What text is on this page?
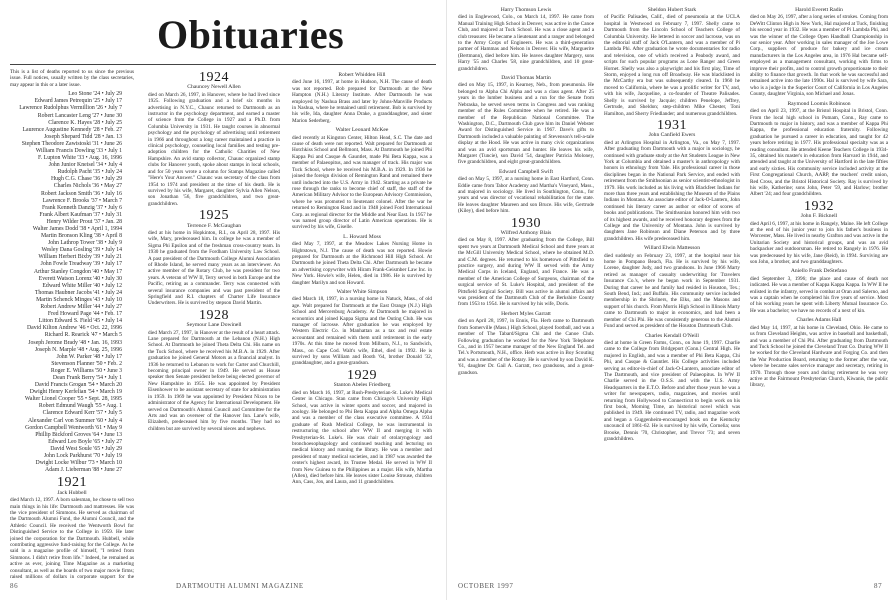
Obituaries
This is a list of deaths reported to us since the previous issue. Full notices, usually written by the class secretaries, may appear in this or a later issue.
Leo Stone '24 • July 29
Edward James Petrequin '25 • July 17
Lawrence Rudolphus Vermillion '26 • July 7
Robert Lancaster Leng '27 • June 30
Clarence K. Hayes '28 • July 25
Laurence Augustine Kennedy '28 • Feb. 27
Joseph Shepard Tidd '28 • Jan. 13
Stephen Theodore Zawistoski '31 • June 26
William Francis Dowling '33 • July 1
F. Lupton White '33 • Aug. 16, 1996
John Junior Kneisel '34 • July 4
Rudolph Pacht '35 • July 24
Hugh C.G. Chase '36 • July 29
Charles Nichols '36 • May 27
Robert Jackson Smith '36 • July 16
Lawrence F. Brooks '37 • March 7
Frank Kenneth Danzig '37 • July 6
Frank Albert Kaufman '37 • July 31
Henry Wilder Prout '37 • Jan. 28
Walter James Dodd '38 • April 1, 1994
Martin Bronson Kling '38 • April 8
John Lathrop Tower '38 • July 9
Wesley Dana Gosling '39 • July 14
William Herbert Bixby '39 • July 21
John Fowle Treadway '39 • July 17
Arthur Stanley Congdon '40 • May 17
Everett Watson Lorenz '40 • July 30
Edward White Miller '40 • July 12
Thomas Haubner Jacobs '41 • July 24
Martin Schenck Minges '43 • July 10
Robert Andrew Miller '44 • July 27
Fred Howard Page '44 • Feb. 17
Litton Edward S. Field '45 • July 14
David Kilton Andrew '46 • Oct. 22, 1996
Richard R. Rearick '47 • March 5
Joseph Jerome Brady '48 • Jan. 16, 1993
Joseph N. Marple '48 • Aug. 25, 1996
John W. Parker '48 • July 17
Stevenson Flanner '50 • Feb. 2
Roger E. Williams '50 • June 3
Dean Frank Berry '54 • July 1
David Francis Grogan '54 • March 20
Dwight Henry Kerfelian '54 • March 19
Walter Lionel Cooper '55 • Sept. 28, 1995
Robert Edmund Waugh '55 • Aug. 1
Clarence Edward Kerr '57 • July 5
Alexander Carl von Summer '60 • July 4
Gordon Campbell Wentworth '61 • May 9
Phillip Bickford Groves '64 • June 13
Edward Leo Boyle '65 • July 27
David West Soule '65 • July 29
John Lock Parkhurst '70 • July 19
Dwight Locke Wilbur '73 • March 10
Adam J. Lieberman '88 • June 27
1921
Jack Hubbell

died March 12, 1997. A born salesman, he chose to sell two main things in his life: Dartmouth and mattresses. He was the vice president of Simmons. He served as chairman of the Dartmouth Alumni Fund, the Alumni Council, and the Athletic Council. He received the Wentworth Bowl for Distinguished Service to the College in 1959. He later joined the corporation for the Dartmouth. Hubbell, while contributing aggressive fund-raising for the College. As he said in a magazine profile of himself, "I retired from Simmons. I didn't retire from life." Indeed, he remained as active as ever, joining Time Magazine as a marketing consultant, as well as the boards of two major movie firms; raised millions of dollars in corporate support for the

1924
Chauncey Newell Allen

died on March 26, 1997, in Hanover, where he had lived since 1925. Following graduation and a brief six months in advertising in N.Y.C., Chaunc returned to Dartmouth as an instructor in the psychology department, and earned a master of science from the College in 1927 and a Ph.D. from Columbia University in 1931. He taught courses in abnormal psychology and the psychology of advertising until retirement in 1966 and throughout a long career maintained a practice in clinical psychology, counseling local families and testing pre-adoption children for the Catholic Charities of New Hampshire. An avid stamp collector, Chaunc organized stamp clubs for Hanover youth, spoke about stamps in local schools, and for 50 years wrote a column for Stamps Magazine called "Here's Your Answer." Chaunc was secretary of the class from 1954 to 1974 and president at the time of his death. He is survived by his wife, Margaret, daughter Sylvia Allen Nelson, son Jonathan '56, five grandchildren, and two great-grandchildren.

1925
Terrence F. McGaughan

died at his home in Hopkinton, R.I., on April 28, 1997. His wife, Mary, predeceased him. In college he was a member of Sigma Phi Epsilon and of the freshman cross-country team. In 1930 he graduated from the Fordham University Law School. A past president of the Dartmouth College Alumni Association of Rhode Island, he served many years as an interviewer. An active member of the Rotary Club, he was president for two years. A veteran of WW II, Terry served in both Europe and the Pacific, retiring as a commander. Terry was connected with several insurance companies and was past president of the Springfield and R.I. chapters of Charter Life Insurance Underwriters. He is survived by stepson David Martin.

1928
Seymour Lane Dowinell

died March 27, 1997, in Hanover at the result of a heart attack. Lane prepared for Dartmouth at the Lebanon (N.H.) High School. At Dartmouth he joined Theta Delta Chi. His name on the Tuck School, where he received his M.B.A. in 1929. After graduation he joined General Motors as a financial analyst. In 1936 he returned to Lebanon to work for Carter and Churchill, becoming principal owner in 1949. He served as House speaker then Senate president before being elected governor of New Hampshire in 1955. He was appointed by President Eisenhower to be assistant secretary of state for administration in 1959. In 1969 he was appointed by President Nixon to be administrator of the Agency for International Development. He served on Dartmouth's Alumni Council and Committee for the Arts and was an overseer of the Hanover Inn. Lane's wife, Elizabeth, predeceased him by five months. They had no children but are survived by several nieces and nephews.

Robert Whidden Hill

died June 16, 1997, at home in Hudson, N.H. The cause of death was not reported. Bob prepared for Dartmouth at the New Hampton (N.H.) Literary Institute. After Dartmouth he was employed by Nashua Brass and later by Johns-Manville Products in Nashua, where he remained until retirement. Bob is survived by his wife, Ida, daughter Anna Drake, a granddaughter, and sister Marion Sederberg.

Walter Leonard McKee

died recently at Kingston Center, Hilton Head, S.C. The date and cause of death were not reported. Walt prepared for Dartmouth at Hotchkiss School and Bellmont, Mass. At Dartmouth he joined Phi Kappa Psi and Casque & Gauntlet, made Phi Beta Kappa, was a member of Palaeopitus, and was manager of track. His major was Tuck School, where he received his M.B.A. in 1929. In 1936 he joined the foreign division of Remington Rand and remained there until inducted into the U.S. Army in 1942. Starting as a private he rose through the ranks to become chief of staff, the staff of the American Military Advisor to the European Advisory Commission, where he was promoted to lieutenant colonel. After the war he returned to Remington Rand and in 1948 joined Ford International Corp. as regional director for the Middle and Near East. In 1957 he was named group director of Latin American operations. He is survived by his wife, Giselle.

L. Howard Moss

died May 7, 1997, at the Meadow Lakes Nursing Home in Hightstown, N.J. The cause of death was not reported. Howie prepared for Dartmouth at the Richmond Hill High School. At Dartmouth he joined Theta Delta Chi. After Dartmouth he became an advertising copywriter with Hiram Frank-Geismber Law Inc. in New York. Howie's wife, Helen, died in 1986. He is survived by daughter Marilyn and son Howard.

Walter White Simpson

died March 18, 1997, in a nursing home in Natuck, Mass., of old age. Walt prepared for Dartmouth at the East Orange (N.J.) High School and Mercersburg Academy. At Dartmouth he majored in economics and joined Kappa Sigma and the Outing Club. He was manager of lacrosse. After graduation he was employed by Western Electric Co. in Manhattan as a tax and real estate accountant and remained with them until retirement in the early 1970s. At this time he moved from Milburn, N.J., to Sandwich, Mass., on Cape Cod. Walt's wife, Ethel, died in 1992. He is survived by sons William and Booth '64, brother Donald '32, granddaughter, and a great-grandson.

1929
Stanton Abeles Friedberg

died on March 16, 1997, at Rush-Presbyterian-St. Luke's Medical Center in Chicago. Stan came from Chicago's University High School, was active in winter sports and soccer, and majored in zoology. He belonged to Phi Beta Kappa and Alpha Omega Alpha and was a member of the class executive committee. A 1934 graduate of Rush Medical College, he was instrumental in restructuring the school after WW II and merging it with Presbyterian-St. Luke's. He was chair of otolaryngology and bronchoesophagology and continued teaching and lecturing on medical history and running the library. He was a member and president of many medical societies, and in 1987 was awarded the center's highest award, its Trustee Medal. He served in WW II from New Guinea to the Philippines as a major. His wife, Martha (Allen), died before him. He leaves sister Louise Strouse, children Ann, Cass, Jon, and Laura, and 11 grandchildren.

86	DARTMOUTH ALUMNI MAGAZINE
Harry Thomson Lewis

died in Englewood, Colo., on March 14, 1997. He came from Manual Training High School in Denver, was active in the Canoe Club, and majored at Tuck School. He was a close agent and a club treasurer. He became a lieutenant and a ranger and belonged to the Army Corps of Engineers. He was a third-generation partner of Hammas and Nelson in Denver. His wife, Marguerite (Bertmann), died before him. He leaves daughter Margery, sons Harry '55 and Charles '58, nine grandchildren, and 10 great-grandchildren.

David Thomas Martin

died on May 15, 1997, in Kearney, Neb., from pneumonia. He belonged to Alpha Chi Alpha and was a class agent. After 25 years in the lumber business and a run for the Senate from Nebraska, he served seven terms in Congress and was ranking member of the Rules Committee when he retired. He was a member of the Republican National Committee. The Washington, D.C., Dartmouth Club gave him its Daniel Webster Award for Distinguished Service in 1967. Dave's gifts to Dartmouth included a valuable painting of Stevenson's tell-a-tale display at the Hood. He was active in many civic organizations and was an avid sportsman and hunter. He leaves his wife, Margaret (Tuncie), son David '54, daughter Patricia Moloney, five grandchildren, and eight great-grandchildren.

Edward Campbell Swift

died on May 5, 1997, at a nursing home in East Hartford, Conn. Eddie came from Tabor Academy and Martha's Vineyard, Mass., and majored in sociology. He lived in Southington, Conn., for years and was director of vocational rehabilitation for the state. He leaves daughter Maureen and son Bruce. His wife, Gertrude (Kiley), died before him.

1930
Wilfred Anthony Blais

died on May 8, 1997. After graduating from the College, Bill spent two years at Dartmouth Medical School and three years at the McGill University Medical School, where he obtained M.D. and C.M. degrees. He returned to his hometown of Pittsfield to practice surgery, and during WW II served with the Army Medical Corps in Iceland, England, and France. He was a member of the American College of Surgeons, chairman of the surgical service of St. Luke's Hospital, and president of the Pittsfield Surgical Society. Bill was active in alumni affairs and was president of the Dartmouth Club of the Berkshire County from 1953 to 1954. He is survived by his wife, Doris.

Herbert Myles Garratt

died on April 28, 1997, in Ennis, Fla. Herb came to Dartmouth from Somerville (Mass.) High School, played football, and was a member of The Tabard/Sigma Chi and the Canoe Club. Following graduation he worked for the New York Telephone Co., and in 1957 became manager of the New England Tel. and Tel.'s Portsmouth, N.H., office. Herb was active in Boy Scouting and was a member of the Rotary. He is survived by son David K. '61, daughter Dr. Gail A. Garratt, two grandsons, and a great-grandson.

Sheldon Hubert Stark

of Pacific Palisades, Calif., died of pneumonia at the UCLA hospital in Westwood on February 7, 1997. Shelly came to Dartmouth from the Lincoln School of Teachers College of Columbia University. He lettered in soccer and lacrosse, was on the editorial staff of Jack O'Lantern, and was a member of Pi Lambda Phi. After graduation he wrote documentaries for radio and television, one of which received a Peabody award, and scripts for such popular programs as Lone Ranger and Green Hornet. Shelly was also a playwright and his first play, Time of Storm, enjoyed a long run off Broadway. He was blacklisted in the McCarthy era but was subsequently cleared. In 1960 he moved to California, where he was a prolific writer for TV, and, with his wife, Jacqueline, a co-founder of Theatre Palisades. Shelly is survived by Jacquie; children Penelope, Jeffrey, Gertrude, and Sheldon; step-children Mike Chester, Toni Hamilton, and Sherry Friedlander; and numerous grandchildren.

1931
John Canfield Ewers

died at Arlington Hospital in Arlington, Va., on May 7, 1997. After graduating from Dartmouth with a major in sociology, he continued with graduate study at the Art Students League in New York at Columbia and obtained a master's in anthropology with honors in ethnology from Yale. His professional career in those disciplines began in the National Park Service, and ended with retirement from the Smithsonian as senior scientist-ethnologist in 1979. His work included as his living with Blackfeet Indians for more than three years and establishing the Museum of the Plains Indians in Montana. An associate editor of Jack-O-Lantern, John continued his literary career as author or editor of scores of books and publications. The Smithsonian honored him with two of its highest awards, and he received honorary degrees from the College and the University of Montana. John is survived by daughters Jane Robinson and Diane Peterson and by three grandchildren. His wife predeceased him.

Willard Elwin Mattesson

died suddenly on February 23, 1997, at the hospital near his home in Pompano Beach, Fla. He is survived by his wife, Lorene, daughter Judy, and two grandsons. In June 1966 Marty retired as manager of casualty underwriting for Travelers Insurance Co.'s, where he began work in September 1931. During that career he and family had resided in Houston, Tex.; South Bend, Ind.; and Buffalo. His community service included membership in the Shriners, the Elks, and the Masons and support of his church. From Morris High School in Illinois Marty came to Dartmouth to major in economics, and had been a member of Chi Phi. He was consistently generous to the Alumni Fund and served as president of the Houston Dartmouth Club.

Charles Kendall O'Neill

died at home in Green Farms, Conn., on June 19, 1997. Charlie came to the College from Bridgeport (Conn.) Central High. He majored in English, and was a member of Phi Beta Kappa, Chi Phi, and Casque & Gauntlet. His College activities included serving as editor-in-chief of Jack-O-Lantern, associate editor of The Dartmouth, and vice president of Palaeopitus. In WW II Charlie served in the O.S.S. and with the U.S. Army Headquarters in the E.T.O. Before and after those years he was a writer for newspapers, radio, magazines, and movies until returning from Hollywood to Connecticut to begin work on his first book, Morning Time, an historical novel which was published in 1949. He continued TV, radio, and magazine work and began a Guggenheim-encouraged book on the Kentucky uncouncil of 1861-62. He is survived by his wife, Cornelia; sons Brooke, Dennis '70, Christopher, and Trevor '73; and seven grandchildren.

Harold Everett Radin

died on May 26, 1997, after a long series of strokes. Coming from DeWitt Clinton High in New York, Hal majored at Tuck, finishing his second year in 1932. He was a member of Pi Lambda Phi, and was the winner of the College Open Handball Championship in our senior year. After working in sales manager of the Joe Lowe Corp., suppliers of produce for bakery and ice cream manufacturers in the Los Angeles area, in 1976 Hal became self-employed as a management consultant, working with firms to improve their profits, and to control growth proportionate to their ability to finance that growth. In that work he was successful and remained active into the late 1990s. Hal is survived by wife Sara, who is a judge in the Superior Court of California in Los Angeles County, daughter Virginia, son Michael and Jonas.

Raymond Loomis Robinson

died on April 23, 1997, at the Bristol Hospital in Bristol, Conn. From the local high school in Putnam, Conn., Ray came to Dartmouth to major in history, and was a member of Kappa Phi Kappa, the professional education fraternity. Following graduation he pursued a career in education, and taught for 42 years before retiring in 1977. His professional specialty was as a reading consultant. He attended Keene Teachers College in 1934-35, obtained his master's in education from Harvard in 1944, and attended and taught at the University of Hartford in the late fifties and early sixties. His community service included activity at the First Congregational Church, AARP, the teachers' credit union, Red Cross, and the Bristol Historical Society. Ray is survived by his wife, Katherine; sons John, Peter '59, and Harlow; brother Albert '24; and four grandchildren.

1932
John F. Bicknell

died April 6, 1997, at his home in Rangely, Maine. He left College at the end of his junior year to join his father's business in Worcester, Mass. He lived in nearby Grafton and was active in the Unitarian Society and historical groups, and was an avid backpacker and outdoorsman. He retired to Rangely in 1976. He was predeceased by his wife, Jane (Reid), in 1994. Surviving are son John, a brother, and two granddaughters.

Aniello Frank DeStefano

died September 3, 1996; the place and cause of death not indicated. He was a member of Kappa Kappa Kappa. In WW II he enlisted in the infantry, served in combat at Oran and Salerno, and was a captain when he completed his five years of service. Most of his working years he spent with Liberty Mutual Insurance Co. He was a bachelor; we have no records of a next of kin.

Charles Adams Hall

died May 14, 1997, at his home in Cleveland, Ohio. He came to us from Cleveland Heights, was active in baseball and basketball, and was a member of Chi Phi. After graduating from Dartmouth and Tuck School he joined the Cleveland Trust Co. During WW II he worked for the Cleveland Hardware and Forging Co. and then the War Production Board, returning to the former after the war, where he became sales service manager and secretary, retiring in 1970. Through those years and during retirement he was very active at the Fairmount Presbyterian Church, Kiwanis, the public library,

OCTOBER 1997	87
